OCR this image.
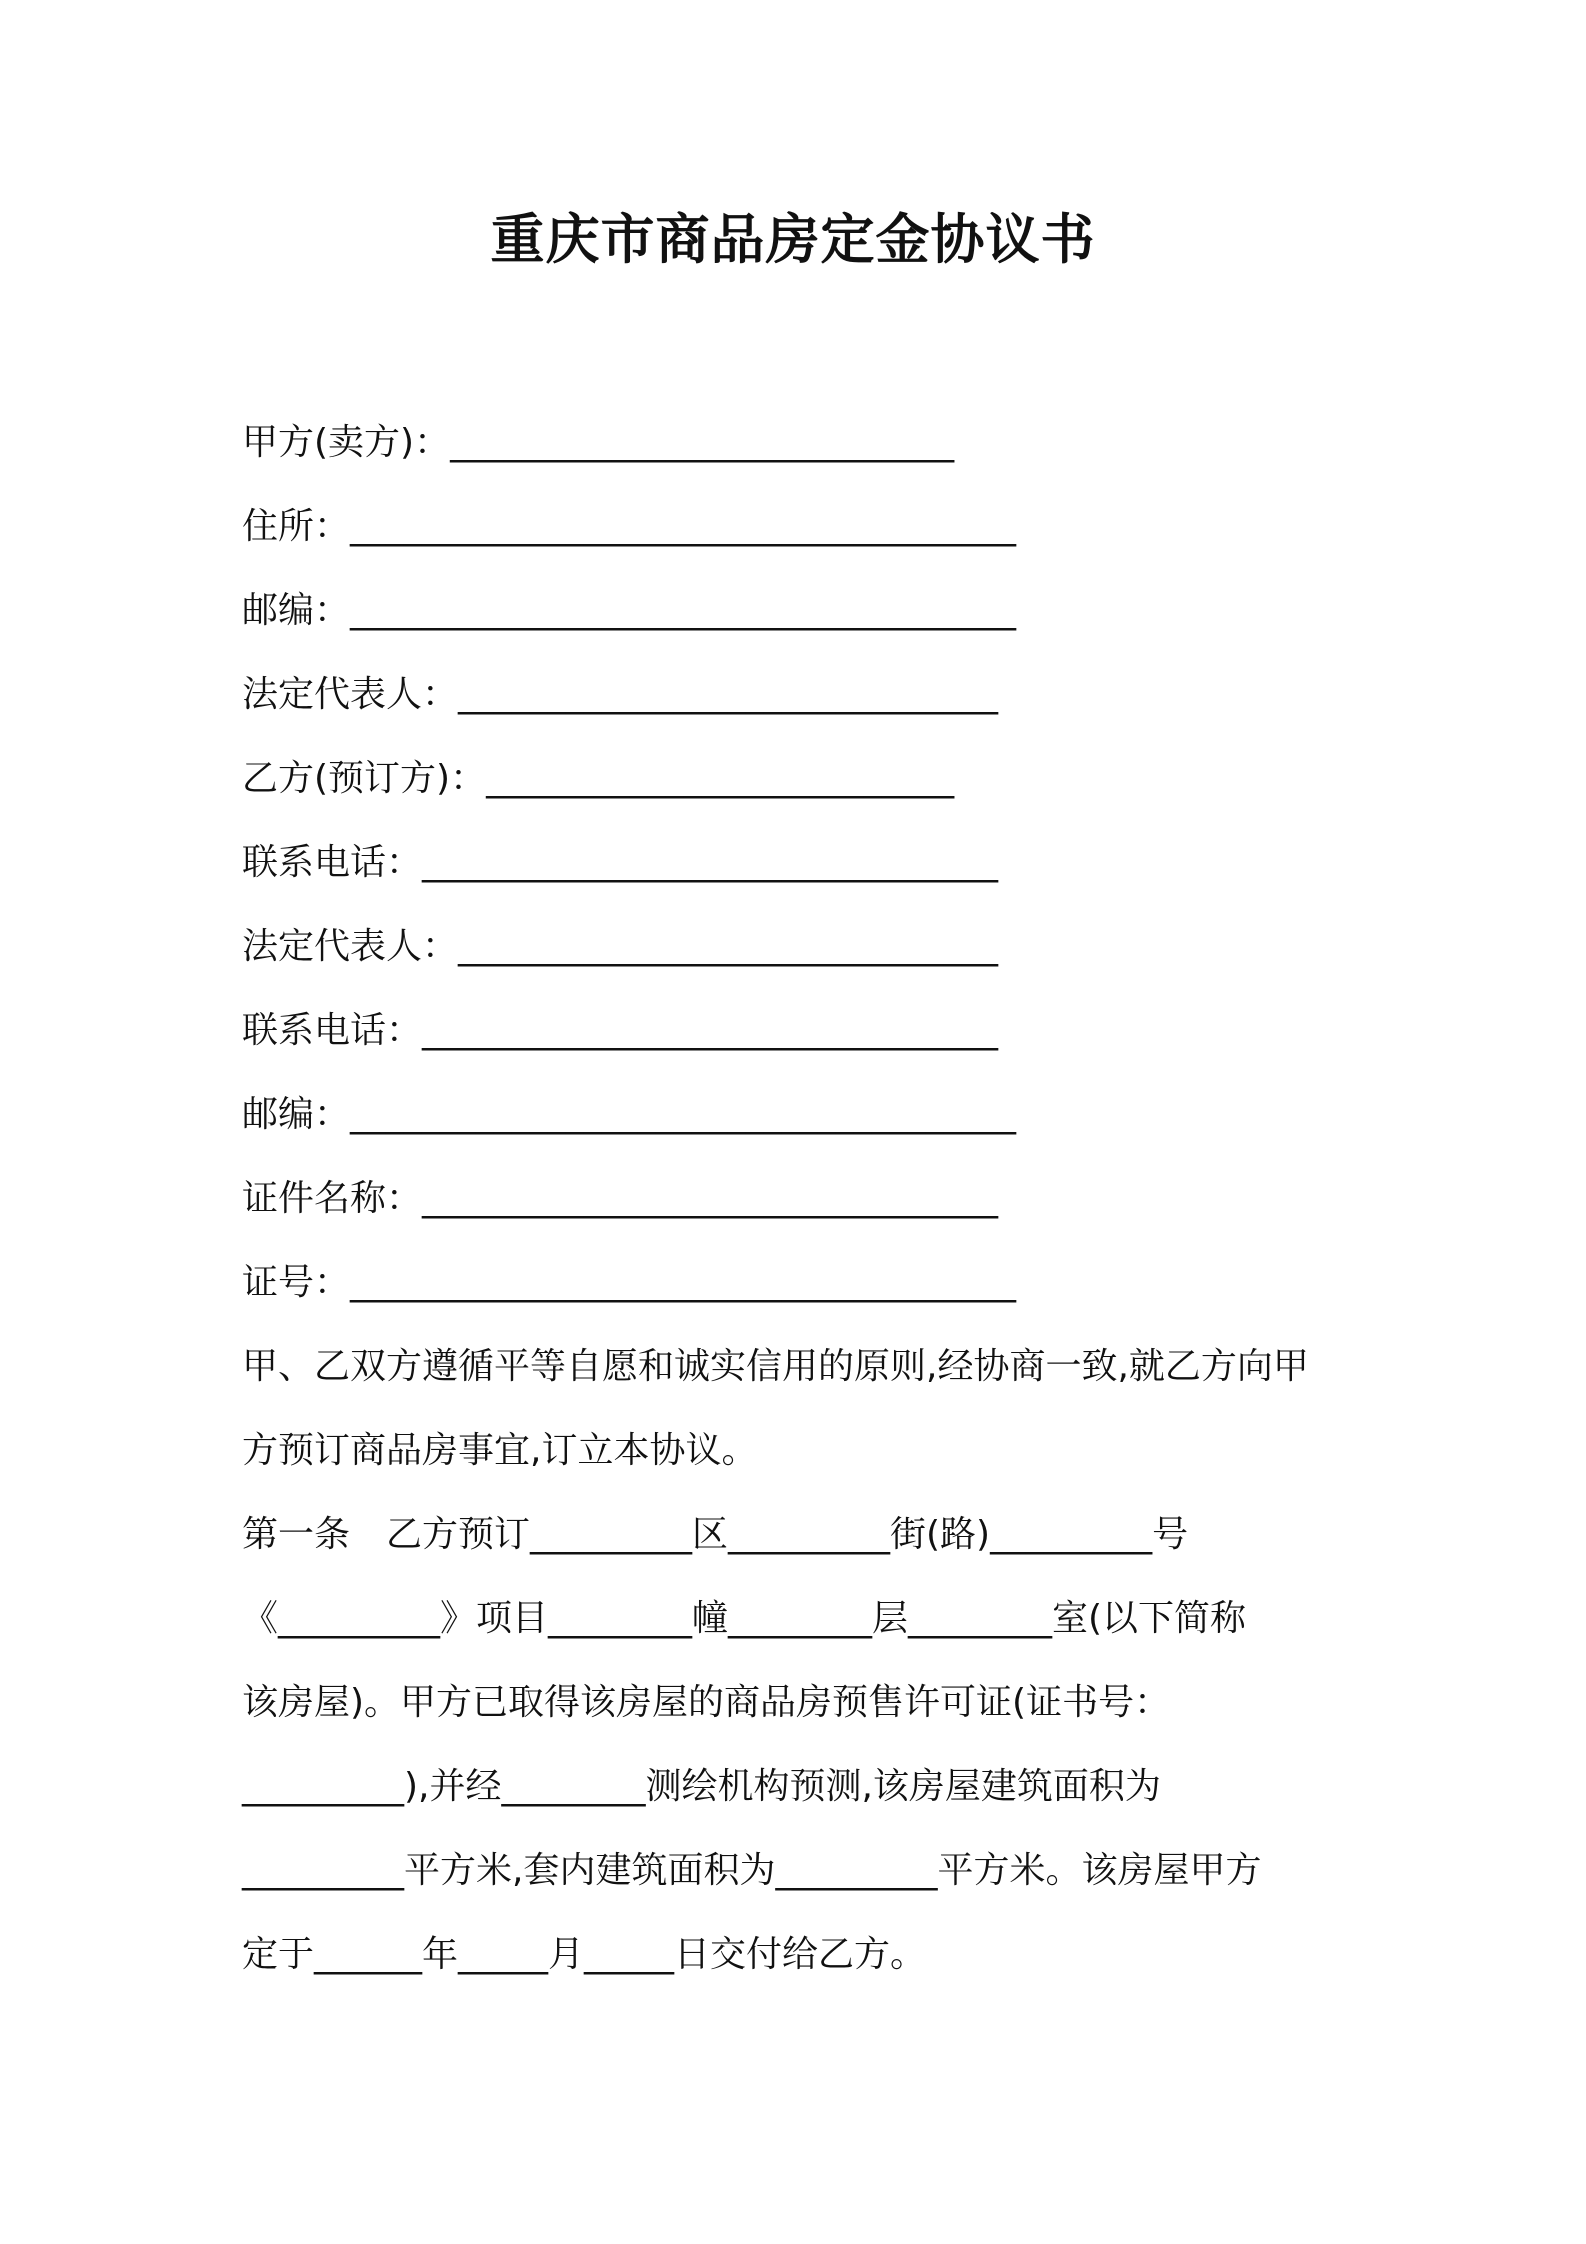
重庆市商品房定金协议书
甲方(卖方)：____________________________
住所：_____________________________________
邮编：_____________________________________
法定代表人：______________________________
乙方(预订方)：__________________________
联系电话：________________________________
法定代表人：______________________________
联系电话：________________________________
邮编：_____________________________________
证件名称：________________________________
证号：_____________________________________
甲、乙双方遵循平等自愿和诚实信用的原则,经协商一致,就乙方向甲
方预订商品房事宜,订立本协议。
第一条　乙方预订_________区_________街(路)_________号
《_________》项目________幢________层________室(以下简称
该房屋)。甲方已取得该房屋的商品房预售许可证(证书号：
_________),并经________测绘机构预测,该房屋建筑面积为
_________平方米,套内建筑面积为_________平方米。该房屋甲方
定于______年_____月_____日交付给乙方。
